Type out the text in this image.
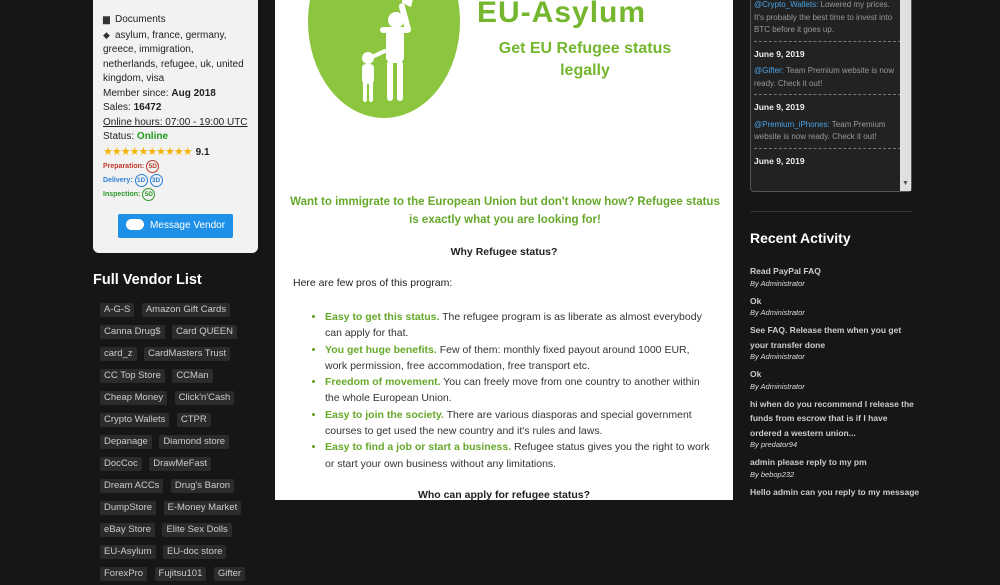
▆ Documents
◆ asylum, france, germany, greece, immigration, netherlands, refugee, uk, united kingdom, visa
Member since: Aug 2018
Sales: 16472
Online hours: 07:00 - 19:00 UTC
Status: Online
★★★★★★★★★★ 9.1
Preparation: 5D
Delivery: 1D 3D
Inspection: 5D
Message Vendor
Full Vendor List
A-G-S Amazon Gift Cards Canna Drug$ Card QUEEN card_z CardMasters Trust CC Top Store CCMan Cheap Money Click'n'Cash Crypto Wallets CTPR Depanage Diamond store DocCoc DrawMeFast Dream ACCs Drug's Baron DumpStore E-Money Market eBay Store Elite Sex Dolls EU-Asylum EU-doc store ForexPro Fujitsu101 Gifter
EU-Asylum
Get EU Refugee status legally
Want to immigrate to the European Union but don't know how? Refugee status is exactly what you are looking for!
Why Refugee status?
Here are few pros of this program:
• Easy to get this status. The refugee program is as liberate as almost everybody can apply for that.
• You get huge benefits. Few of them: monthly fixed payout around 1000 EUR, work permission, free accommodation, free transport etc.
• Freedom of movement. You can freely move from one country to another within the whole European Union.
• Easy to join the society. There are various diasporas and special government courses to get used the new country and it's rules and laws.
• Easy to find a job or start a business. Refugee status gives you the right to work or start your own business without any limitations.
Who can apply for refugee status?
@Crypto_Wallets: Lowered my prices. It's probably the best time to invest into BTC before it goes up.
June 9, 2019
@Gifter: Team Premium website is now ready. Check it out!
June 9, 2019
@Premium_iPhones: Team Premium website is now ready. Check it out!
June 9, 2019
▼
Recent Activity
Read PayPal FAQ
By Administrator
Ok
By Administrator
See FAQ. Release them when you get your transfer done
By Administrator
Ok
By Administrator
hi when do you recommend I release the funds from escrow that is if I have ordered a western union...
By predator94
admin please reply to my pm
By bebop232
Hello admin can you reply to my message
